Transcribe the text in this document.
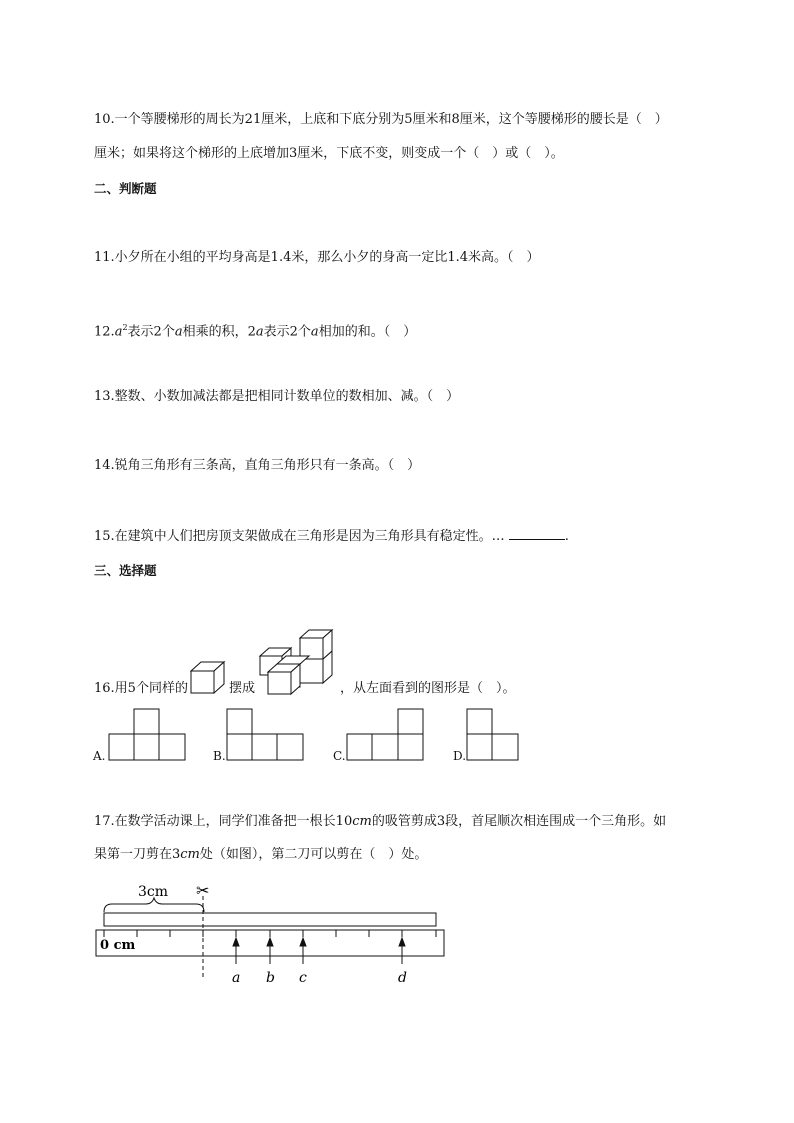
10.一个等腰梯形的周长为21厘米，上底和下底分别为5厘米和8厘米，这个等腰梯形的腰长是（　）
厘米；如果将这个梯形的上底增加3厘米，下底不变，则变成一个（　）或（　）。
二、判断题
11.小夕所在小组的平均身高是1.4米，那么小夕的身高一定比1.4米高。（　）
$12.a^2$表示2个a相乘的积，2a表示2个a相加的和。（　）
13.整数、小数加减法都是把相同计数单位的数相加、减。（　）
14.锐角三角形有三条高，直角三角形只有一条高。（　）
15.在建筑中人们把房顶支架做成在三角形是因为三角形具有稳定性。…	.
三、选择题
16.用5个同样的	摆成	，从左面看到的图形是（　）。
A.	B.	C.	D.
17.在数学活动课上，同学们准备把一根长10cm的吸管剪成3段，首尾顺次相连围成一个三角形。如
果第一刀剪在3cm处（如图），第二刀可以剪在（　）处。
3cm ✂
0 cm
a b c	d
